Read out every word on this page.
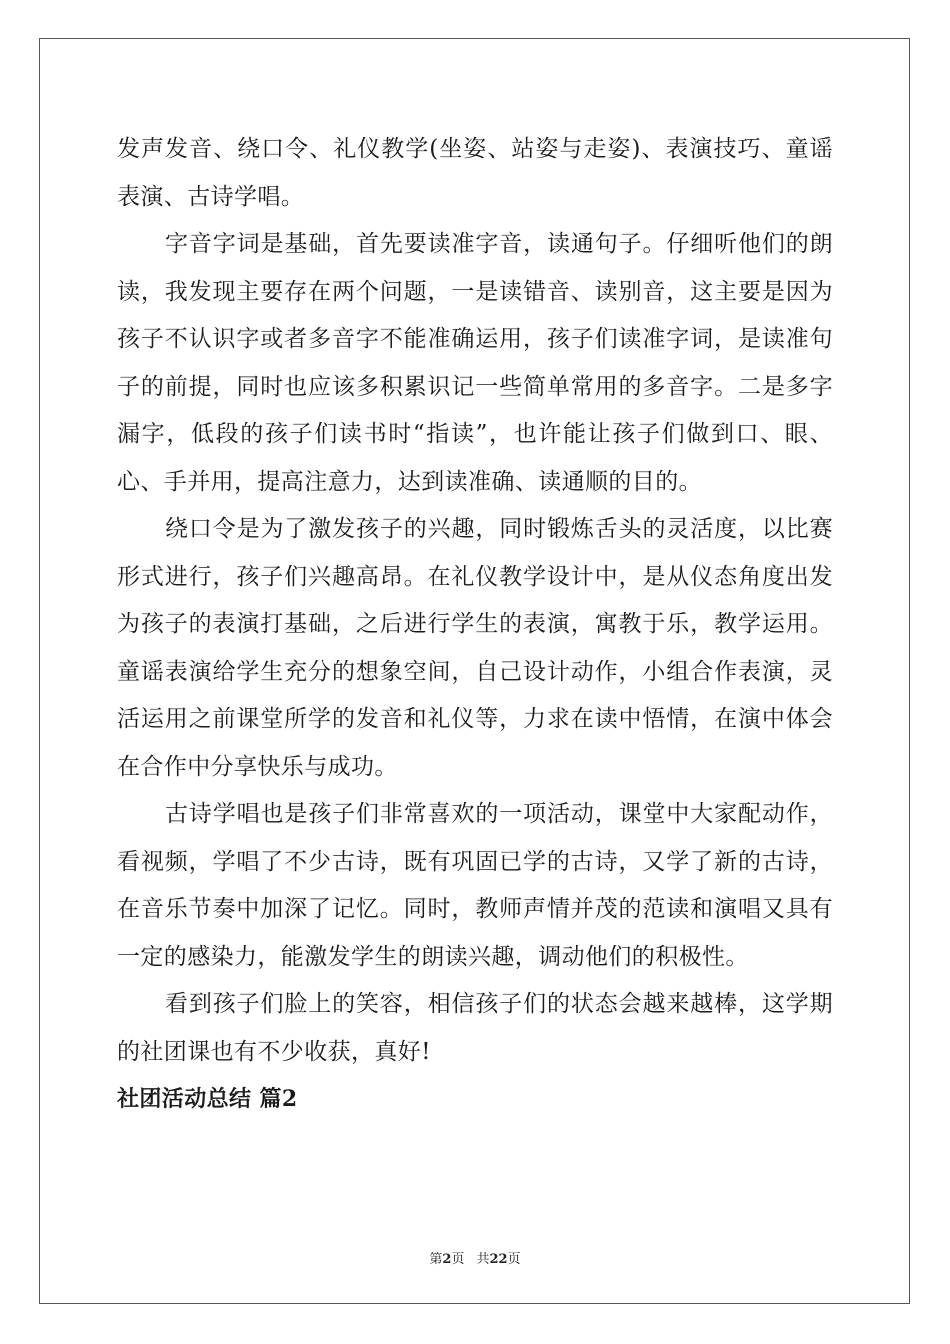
发声发音、绕口令、礼仪教学(坐姿、站姿与走姿)、表演技巧、童谣表演、古诗学唱。

字音字词是基础，首先要读准字音，读通句子。仔细听他们的朗读，我发现主要存在两个问题，一是读错音、读别音，这主要是因为孩子不认识字或者多音字不能准确运用，孩子们读准字词，是读准句子的前提，同时也应该多积累识记一些简单常用的多音字。二是多字漏字，低段的孩子们读书时“指读”，也许能让孩子们做到口、眼、心、手并用，提高注意力，达到读准确、读通顺的目的。

绕口令是为了激发孩子的兴趣，同时锻炼舌头的灵活度，以比赛形式进行，孩子们兴趣高昂。在礼仪教学设计中，是从仪态角度出发为孩子的表演打基础，之后进行学生的表演，寓教于乐，教学运用。童谣表演给学生充分的想象空间，自己设计动作，小组合作表演，灵活运用之前课堂所学的发音和礼仪等，力求在读中悟情，在演中体会在合作中分享快乐与成功。

古诗学唱也是孩子们非常喜欢的一项活动，课堂中大家配动作，看视频，学唱了不少古诗，既有巩固已学的古诗，又学了新的古诗，在音乐节奏中加深了记忆。同时，教师声情并茂的范读和演唱又具有一定的感染力，能激发学生的朗读兴趣，调动他们的积极性。

看到孩子们脸上的笑容，相信孩子们的状态会越来越棒，这学期的社团课也有不少收获，真好!

社团活动总结 篇2
第2页 共22页
